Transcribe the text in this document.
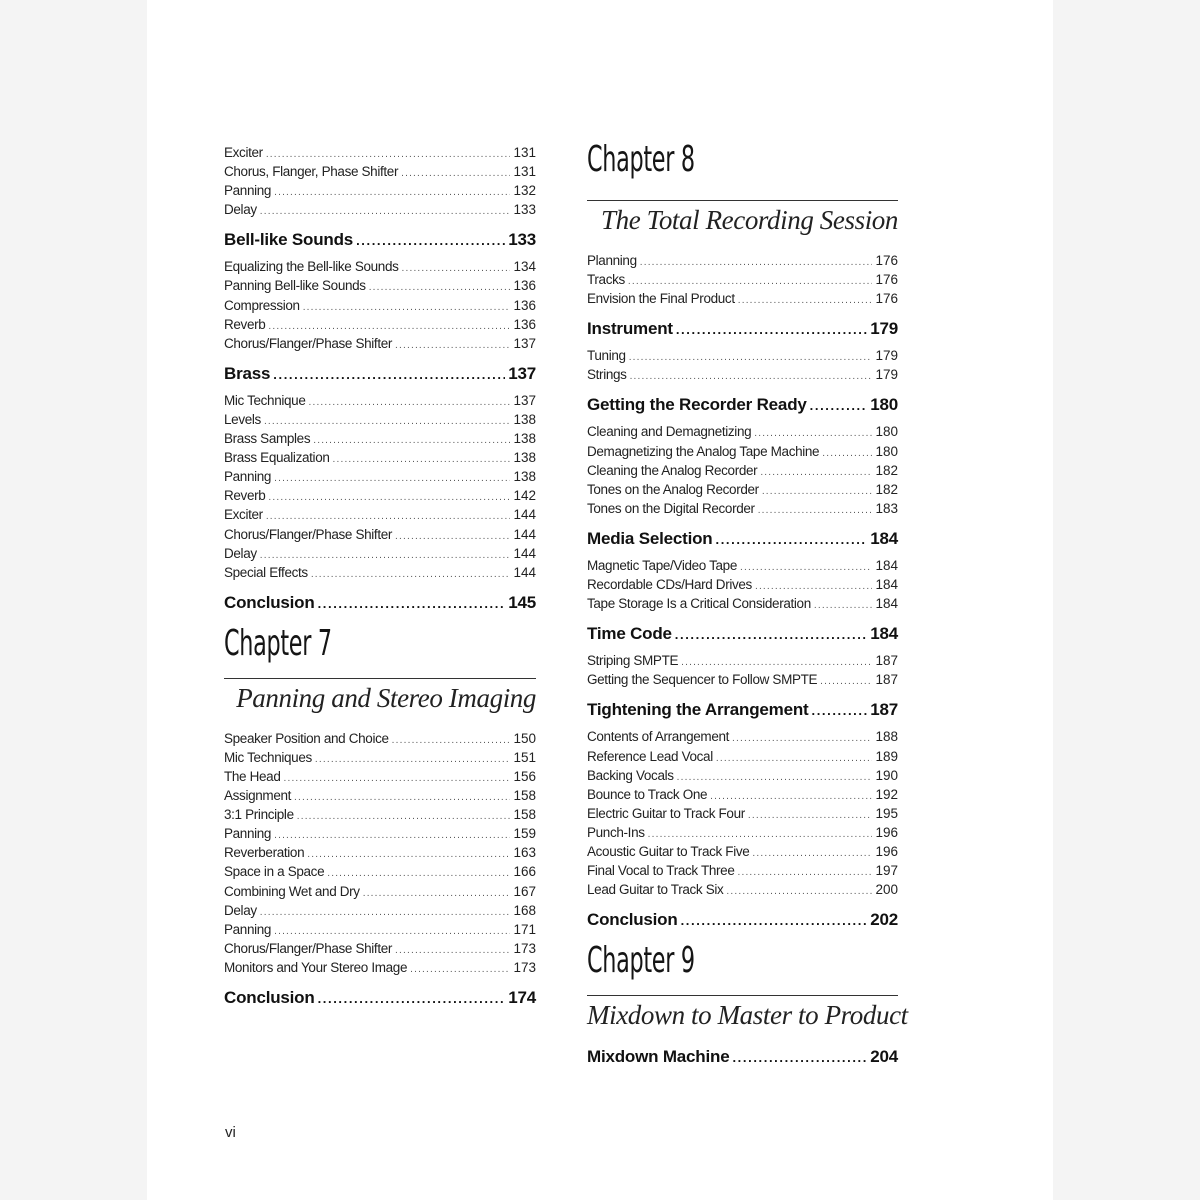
Exciter .....	131
Chorus, Flanger, Phase Shifter .....	131
Panning .....	132
Delay .....	133
Bell-like Sounds .....	133
Equalizing the Bell-like Sounds .....	134
Panning Bell-like Sounds .....	136
Compression .....	136
Reverb .....	136
Chorus/Flanger/Phase Shifter .....	137
Brass .....	137
Mic Technique .....	137
Levels .....	138
Brass Samples .....	138
Brass Equalization .....	138
Panning .....	138
Reverb .....	142
Exciter .....	144
Chorus/Flanger/Phase Shifter .....	144
Delay .....	144
Special Effects .....	144
Conclusion .....	145
Chapter 7
Panning and Stereo Imaging
Speaker Position and Choice .....	150
Mic Techniques .....	151
The Head .....	156
Assignment .....	158
3:1 Principle .....	158
Panning .....	159
Reverberation .....	163
Space in a Space .....	166
Combining Wet and Dry .....	167
Delay .....	168
Panning .....	171
Chorus/Flanger/Phase Shifter .....	173
Monitors and Your Stereo Image .....	173
Conclusion .....	174
Chapter 8
The Total Recording Session
Planning .....	176
Tracks .....	176
Envision the Final Product .....	176
Instrument .....	179
Tuning .....	179
Strings .....	179
Getting the Recorder Ready .....	180
Cleaning and Demagnetizing .....	180
Demagnetizing the Analog Tape Machine .....	180
Cleaning the Analog Recorder .....	182
Tones on the Analog Recorder .....	182
Tones on the Digital Recorder .....	183
Media Selection .....	184
Magnetic Tape/Video Tape .....	184
Recordable CDs/Hard Drives .....	184
Tape Storage Is a Critical Consideration .....	184
Time Code .....	184
Striping SMPTE .....	187
Getting the Sequencer to Follow SMPTE .....	187
Tightening the Arrangement .....	187
Contents of Arrangement .....	188
Reference Lead Vocal .....	189
Backing Vocals .....	190
Bounce to Track One .....	192
Electric Guitar to Track Four .....	195
Punch-Ins .....	196
Acoustic Guitar to Track Five .....	196
Final Vocal to Track Three .....	197
Lead Guitar to Track Six .....	200
Conclusion .....	202
Chapter 9
Mixdown to Master to Product
Mixdown Machine .....	204
vi
